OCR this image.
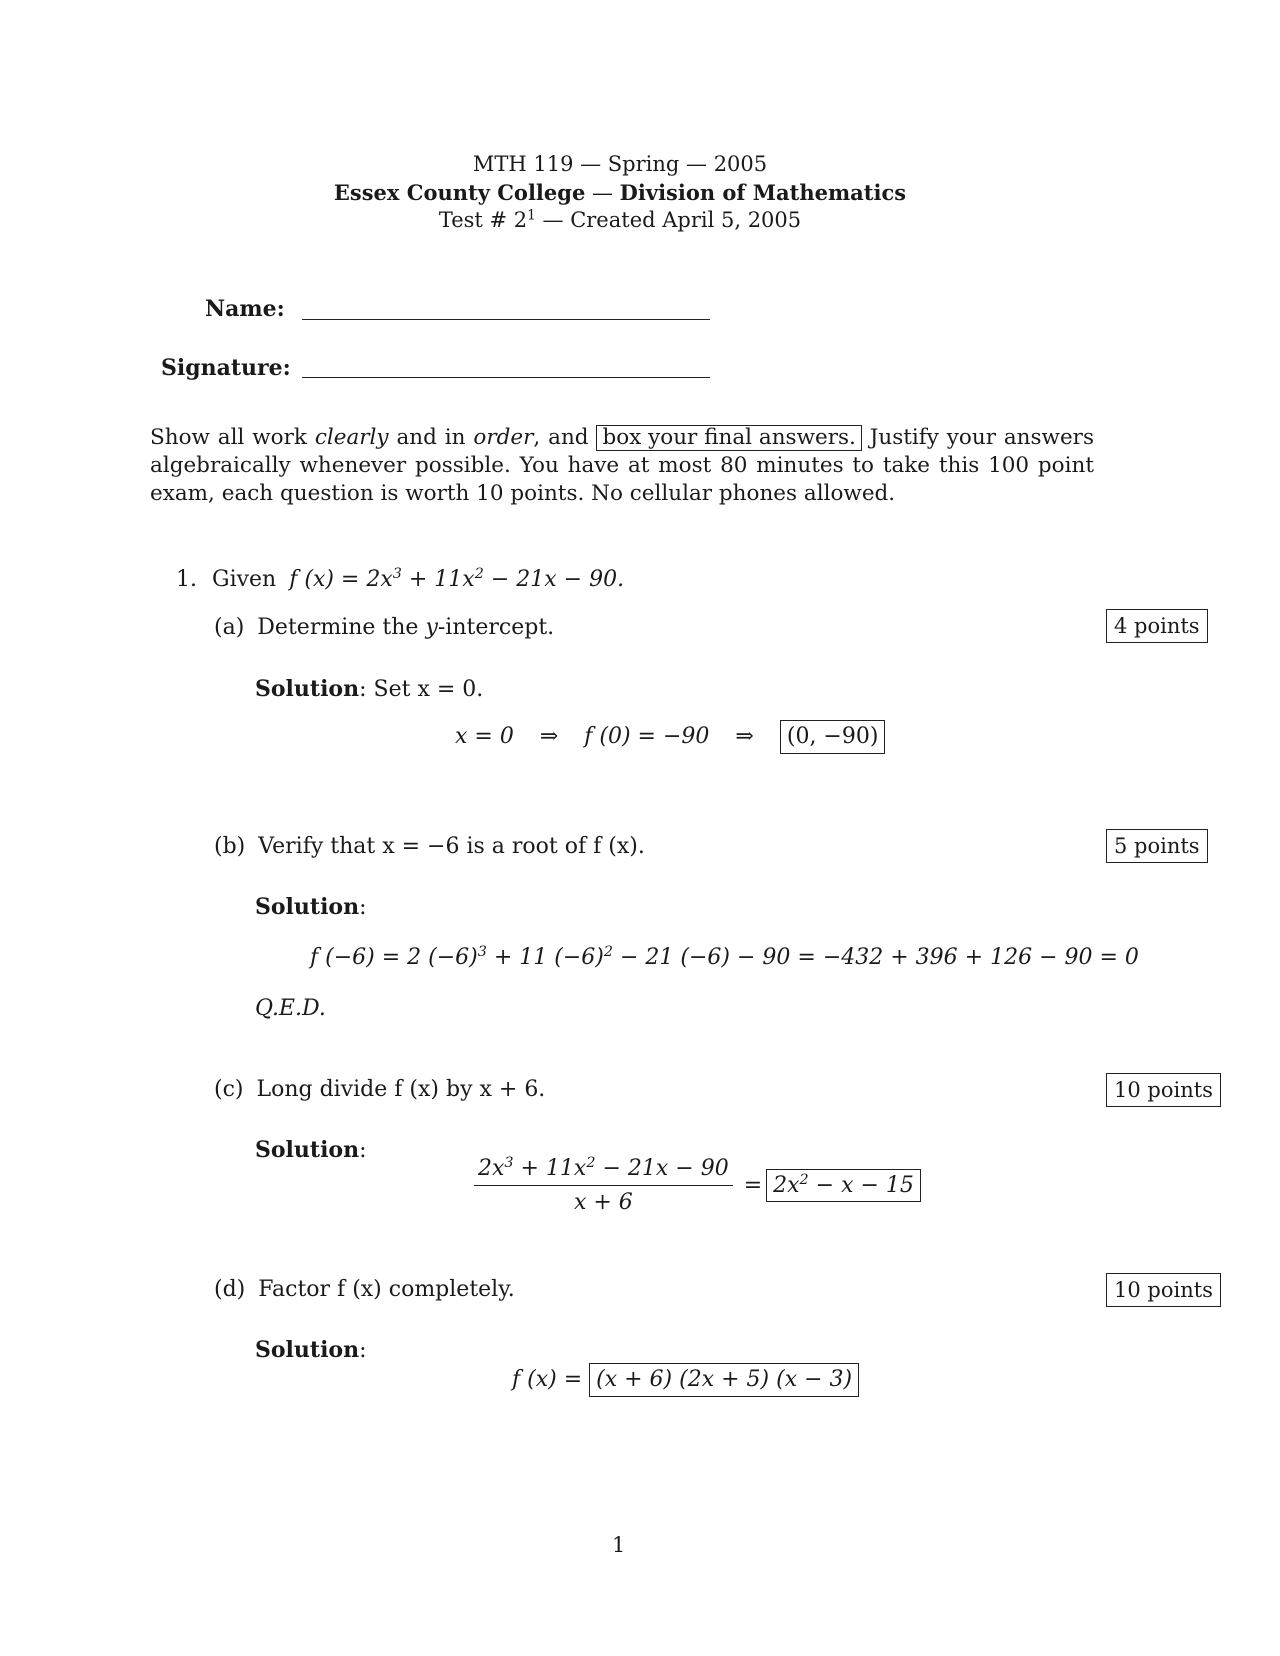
MTH 119 — Spring — 2005
Essex County College — Division of Mathematics
Test # $2^1$ — Created April 5, 2005
Name:
Signature:
Show all work clearly and in order, and box your final answers. Justify your answers algebraically whenever possible. You have at most 80 minutes to take this 100 point exam, each question is worth 10 points. No cellular phones allowed.
1. Given f $(x) = 2x^3 + 11x^2 - 21x - 90$.
(a) Determine the y-intercept.	4 points
Solution: Set x = 0.
x = 0 ⇒ f (0) = −90 ⇒ (0, −90)
(b) Verify that x = −6 is a root of f (x).	5 points
Solution:
f (−6) = 2 $(-6)^3 + 11$ $(-6)^2 - 21$ (−6) − 90 = −432 + 396 + 126 − 90 = 0
Q.E.D.
(c) Long divide f (x) by x + 6.	10 points
Solution:
$\frac{2x^3 + 11x^2 - 21x - 90}{x + 6} = 2x^2 - x - 15$
(d) Factor f (x) completely.	10 points
Solution:
f (x) = (x + 6) (2x + 5) (x − 3)
1
